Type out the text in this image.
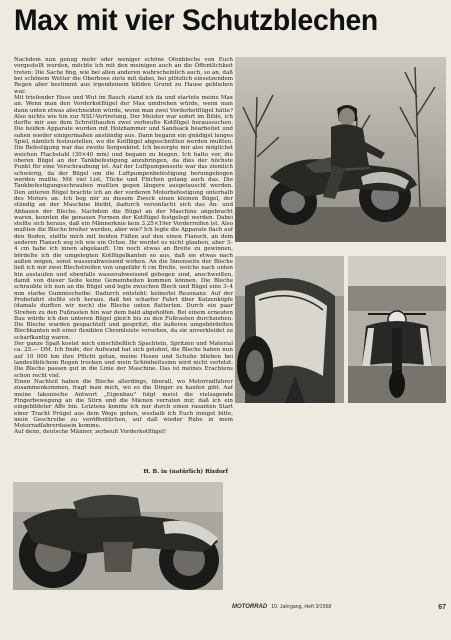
Max mit vier Schutzblechen

Nachdem nun genug mehr oder weniger schöne Ofenbleche von Euch vorgestellt wurden, möchte ich mit den meinigen auch an die Öffentlichkeit treten: Die Sache fing, wie bei allen anderen wahrscheinlich auch, so an, daß bei schönem Wetter die Oberbose stets mit dabei, bei plötzlich einsetzendem Regen aber bestimmt aus irgendeinem blöden Grund zu Hause geblieben war.

Mit triefender Hose und Wut im Bauch stand ich da und startete meine Max an: Wenn man den Vorderkotflügel der Max umdrehen würde, wenn man dann unten etwas abschneiden würde, wenn man zwei Vorderkotflügel hätte? Also nichts wie hin zur NSU-Vertretung. Der Meister war sofort im Bilde, ich durfte mir aus dem Schrotthaufen zwei verbeulte Kotflügel heraussuchen. Die beiden Apparate wurden mit Holzhammer und Sandsack bearbeitet und sahen wieder einigermaßen anständig aus. Dann begann ein gnädigst langes Spiel, nämlich festzustellen, wo die Kotflügel abgeschnitten werden mußten. Die Befestigung war das zweite Sorgenkind. Ich besorgte mir also möglichst weichen Flachstahl (30×40 mm) und begann zu biegen. Ich hatte vor, die oberen Bügel an der Tankbefestigung anzubringen, da dies der höchste Punkt für eine Verschraubung ist. Auf der Luftpumpenseite war das ziemlich schwierig, da der Bügel um die Luftpumpenbefestigung herumgebogen werden mußte. Mit viel List, Tücke und Flüchen gelang auch das. Die Tankbefestigungsschrauben mußten gegen längere ausgetauscht werden. Den unteren Bügel brachte ich an der vorderen Motorbefestigung unterhalb des Motors an. Ich bog mir zu diesem Zweck einen kleinen Bügel, der ständig an der Maschine bleibt, dadurch vereinfacht sich das An- und Abbauen der Bleche. Nachdem die Bügel an der Maschine angebracht waren, konnten die genauen Formen der Kotflügel festgelegt werden. Dabei stellte sich heraus, daß ein Männerknie kein 3,25×19er Vorderreifen ist. Also mußten die Bleche breiter werden, aber wie? Ich legte die Apparate flach auf den Boden, stellte mich mit beiden Füßen auf den einen Flansch, an dem anderen Flansch zog ich wie ein Ochse. Ihr werdet es nicht glauben, aber 3–4 cm habe ich innen abgekauft. Um noch etwas an Breite zu gewinnen, bördelte ich die umgelegten Kotflügelkanten so aus, daß sie etwas nach außen zeigen, sonst wasserabweisend wirken. An die Innenseite der Bleche ließ ich mir zwei Blechstreifen von ungefähr 6 cm Breite, welche nach unten hin auslaufen und ebenfalls wasserabweisend gebogen sind, anschweißen, damit von dieser Seite keine Gemeinheiten kommen können. Die Bleche schraubte ich nun an die Bügel und legte zwischen Blech und Bügel eine 3–4 mm starke Gummischeibe. Dadurch entsteht: keinerlei Resonanz. Auf der Probefahrt stellte sich heraus, daß bei scharfer Fahrt über Katzenköpfe (damals durften wir noch) die Bleche unten flatterten. Durch ein paar Streben zu den Fußrasten hin war dem bald abgeholfen. Bei einem erneuten Bau würde ich den unteren Bügel gleich bis zu den Fußrasten durchziehen. Die Bleche wurden gespachtelt und gespritzt, die äußeren umgebördelten Blechkanten mit einer flexiblen Chromleiste versehen, da sie unverkleidet zu scharfkantig waren.

Der ganze Spaß kostet mich einschließlich Spachteln, Spritzen und Material ca. 25.— DM. Ich finde, der Aufwand hat sich gelohnt, die Bleche haben nun auf 10 000 km ihre Pflicht getan, meine Hosen und Schuhe blieben bei landesüblichem Regen trocken und mein Schönheitssinn wird nicht verletzt. Die Bleche passen gut in die Linie der Maschine. Das ist meines Erachtens schon recht viel.

Einen Nachteil haben die Bleche allerdings, überall, wo Motorradfahrer zusammenkommen, fragt man mich, wo es die Dinger zu kaufen gibt. Auf meine lakonische Antwort „Eigenbau" folgt meist die vielsagende Fingerbewegung an die Stirn und die Mienen verraten mir, daß ich ein eingebildeter Affe bin. Letztens konnte ich nur durch einen rasanten Start einer Tracht Prügel aus dem Wege gehen, weshalb ich Euch innigst bitte, mein Geschreibe zu veröffentlichen, auf daß wieder Ruhe in mein Motorradfahrerdasein komme.

Auf denn, deutsche Männer, zerbeult Vorderkotflügel!

H. B. in (natürlich) Rixdorf
MOTORRAD 10. Jahrgang, Heft 3/1958	67
